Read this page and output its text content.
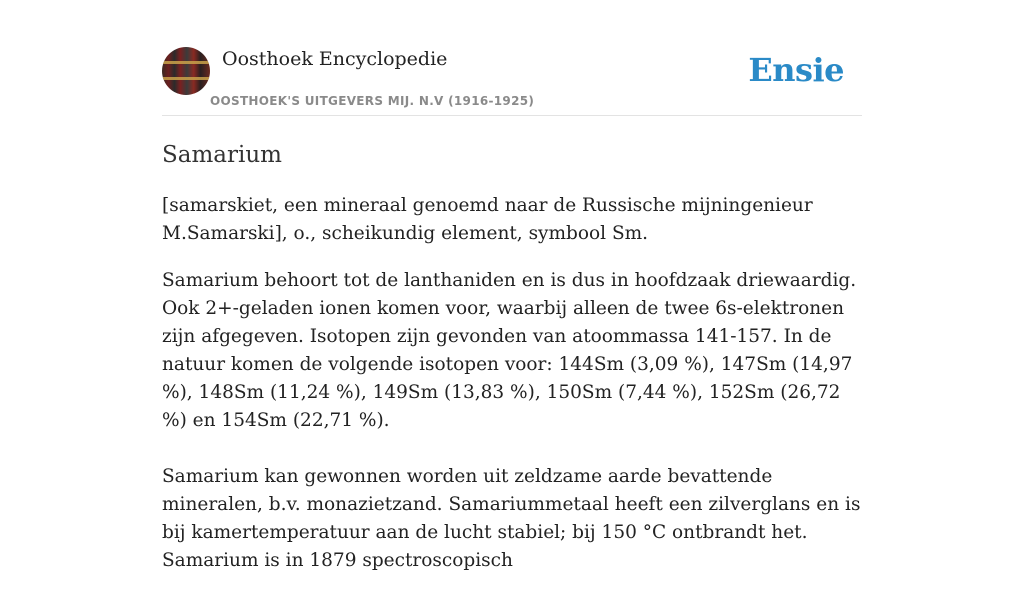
Oosthoek Encyclopedie
OOSTHOEK'S UITGEVERS MIJ. N.V (1916-1925)
Ensie
Samarium

[samarskiet, een mineraal genoemd naar de Russische mijningenieur M.Samarski], o., scheikundig element, symbool Sm.

Samarium behoort tot de lanthaniden en is dus in hoofdzaak driewaardig. Ook 2+-geladen ionen komen voor, waarbij alleen de twee 6s-elektronen zijn afgegeven. Isotopen zijn gevonden van atoommassa 141-157. In de natuur komen de volgende isotopen voor: 144Sm (3,09 %), 147Sm (14,97 %), 148Sm (11,24 %), 149Sm (13,83 %), 150Sm (7,44 %), 152Sm (26,72 %) en 154Sm (22,71 %).

Samarium kan gewonnen worden uit zeldzame aarde bevattende mineralen, b.v. monazietzand. Samariummetaal heeft een zilverglans en is bij kamertemperatuur aan de lucht stabiel; bij 150 °C ontbrandt het. Samarium is in 1879 spectroscopisch
